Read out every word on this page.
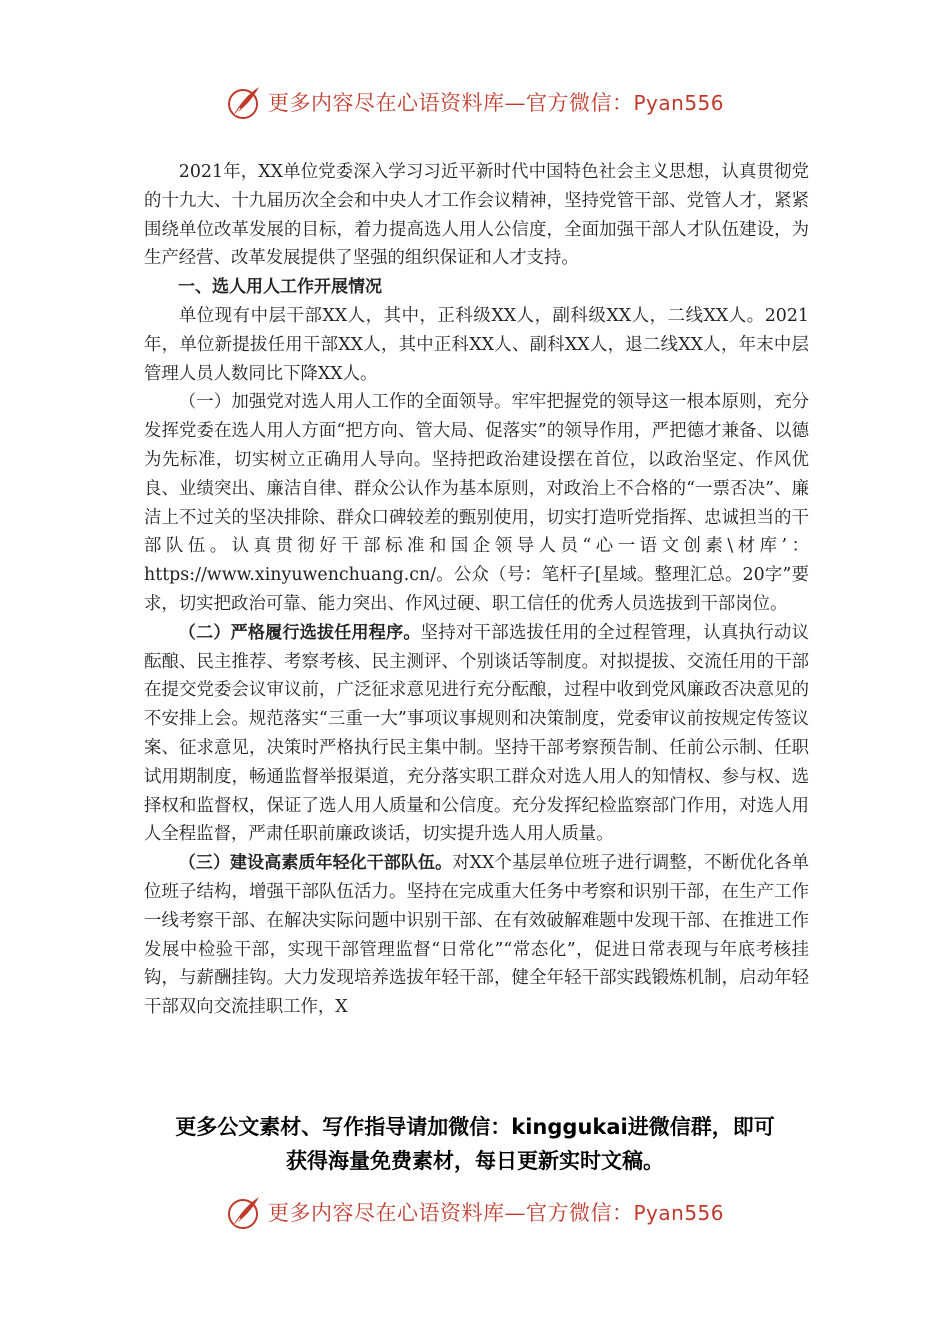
更多内容尽在心语资料库—官方微信：Pyan556

2021年，XX单位党委深入学习习近平新时代中国特色社会主义思想，认真贯彻党的十九大、十九届历次全会和中央人才工作会议精神，坚持党管干部、党管人才，紧紧围绕单位改革发展的目标，着力提高选人用人公信度，全面加强干部人才队伍建设，为生产经营、改革发展提供了坚强的组织保证和人才支持。

一、选人用人工作开展情况

单位现有中层干部XX人，其中，正科级XX人，副科级XX人，二线XX人。2021年，单位新提拔任用干部XX人，其中正科XX人、副科XX人，退二线XX人，年末中层管理人员人数同比下降XX人。

（一）加强党对选人用人工作的全面领导。牢牢把握党的领导这一根本原则，充分发挥党委在选人用人方面“把方向、管大局、促落实”的领导作用，严把德才兼备、以德为先标准，切实树立正确用人导向。坚持把政治建设摆在首位，以政治坚定、作风优良、业绩突出、廉洁自律、群众公认作为基本原则，对政治上不合格的“一票否决”、廉洁上不过关的坚决排除、群众口碑较差的甄别使用，切实打造听党指挥、忠诚担当的干部队伍。认真贯彻好干部标准和国企领导人员“心一语文创素\材库’：https://www.xinyuwenchuang.cn/。公众（号：笔杆子[星域。整理汇总。20字”要求，切实把政治可靠、能力突出、作风过硬、职工信任的优秀人员选拔到干部岗位。

（二）严格履行选拔任用程序。坚持对干部选拔任用的全过程管理，认真执行动议酝酿、民主推荐、考察考核、民主测评、个别谈话等制度。对拟提拔、交流任用的干部在提交党委会议审议前，广泛征求意见进行充分酝酿，过程中收到党风廉政否决意见的不安排上会。规范落实“三重一大”事项议事规则和决策制度，党委审议前按规定传签议案、征求意见，决策时严格执行民主集中制。坚持干部考察预告制、任前公示制、任职试用期制度，畅通监督举报渠道，充分落实职工群众对选人用人的知情权、参与权、选择权和监督权，保证了选人用人质量和公信度。充分发挥纪检监察部门作用，对选人用人全程监督，严肃任职前廉政谈话，切实提升选人用人质量。

（三）建设高素质年轻化干部队伍。对XX个基层单位班子进行调整，不断优化各单位班子结构，增强干部队伍活力。坚持在完成重大任务中考察和识别干部，在生产工作一线考察干部、在解决实际问题中识别干部、在有效破解难题中发现干部、在推进工作发展中检验干部，实现干部管理监督“日常化”“常态化”，促进日常表现与年底考核挂钩，与薪酬挂钩。大力发现培养选拔年轻干部，健全年轻干部实践锻炼机制，启动年轻干部双向交流挂职工作，X

更多公文素材、写作指导请加微信：kinggukai进微信群，即可
获得海量免费素材，每日更新实时文稿。
更多内容尽在心语资料库—官方微信：Pyan556
